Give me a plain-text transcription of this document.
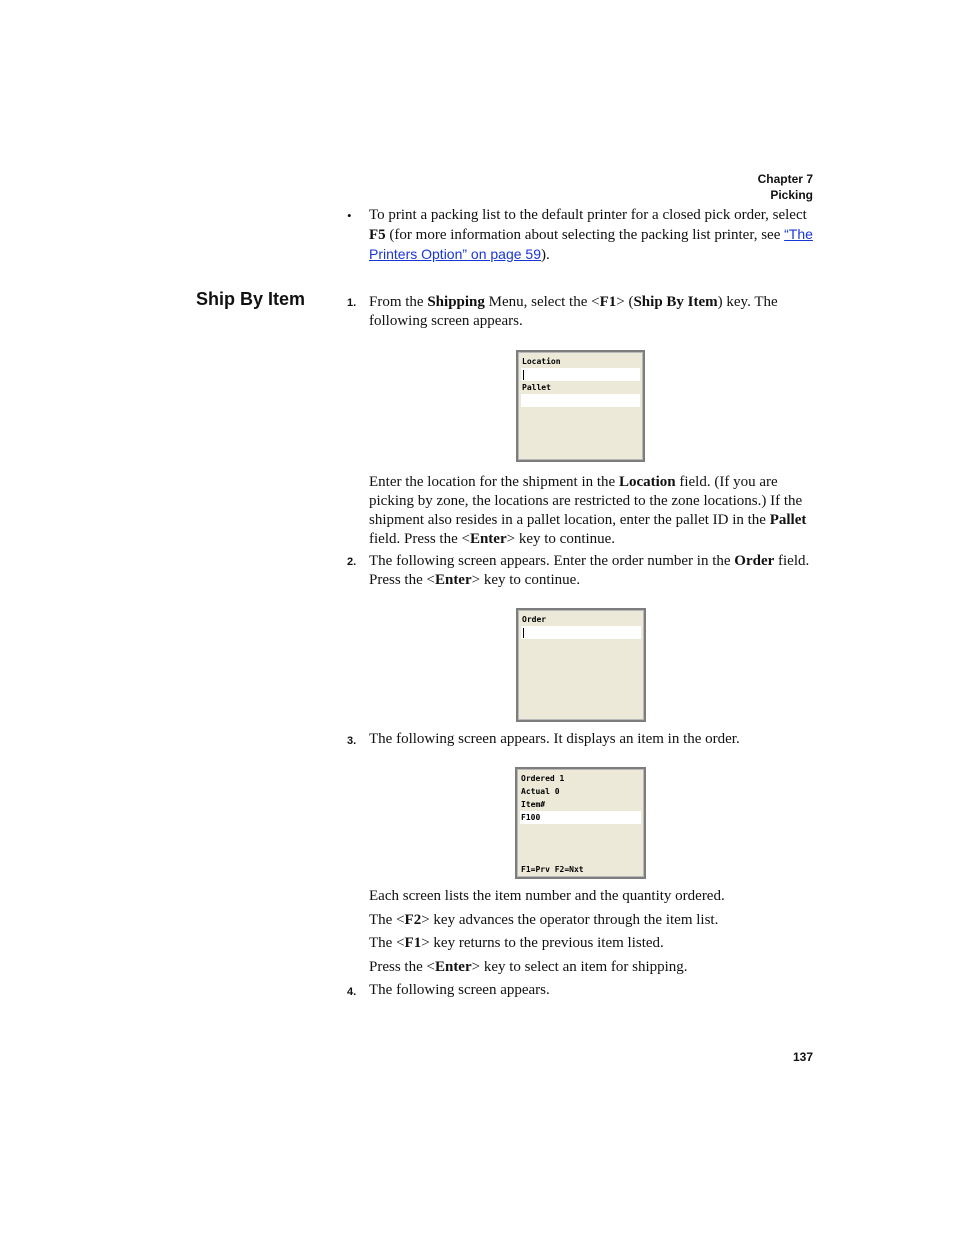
Chapter 7
Picking
• To print a packing list to the default printer for a closed pick order, select F5 (for more information about selecting the packing list printer, see “The Printers Option” on page 59).
Ship By Item	1. From the Shipping Menu, select the <F1> (Ship By Item) key. The following screen appears.
Location
Pallet
Enter the location for the shipment in the Location field. (If you are picking by zone, the locations are restricted to the zone locations.) If the shipment also resides in a pallet location, enter the pallet ID in the Pallet field. Press the <Enter> key to continue.
2. The following screen appears. Enter the order number in the Order field. Press the <Enter> key to continue.
Order
3. The following screen appears. It displays an item in the order.
Ordered 1
Actual 0
Item#
F100
F1=Prv F2=Nxt
Each screen lists the item number and the quantity ordered.
The <F2> key advances the operator through the item list.
The <F1> key returns to the previous item listed.
Press the <Enter> key to select an item for shipping.
4. The following screen appears.
137
